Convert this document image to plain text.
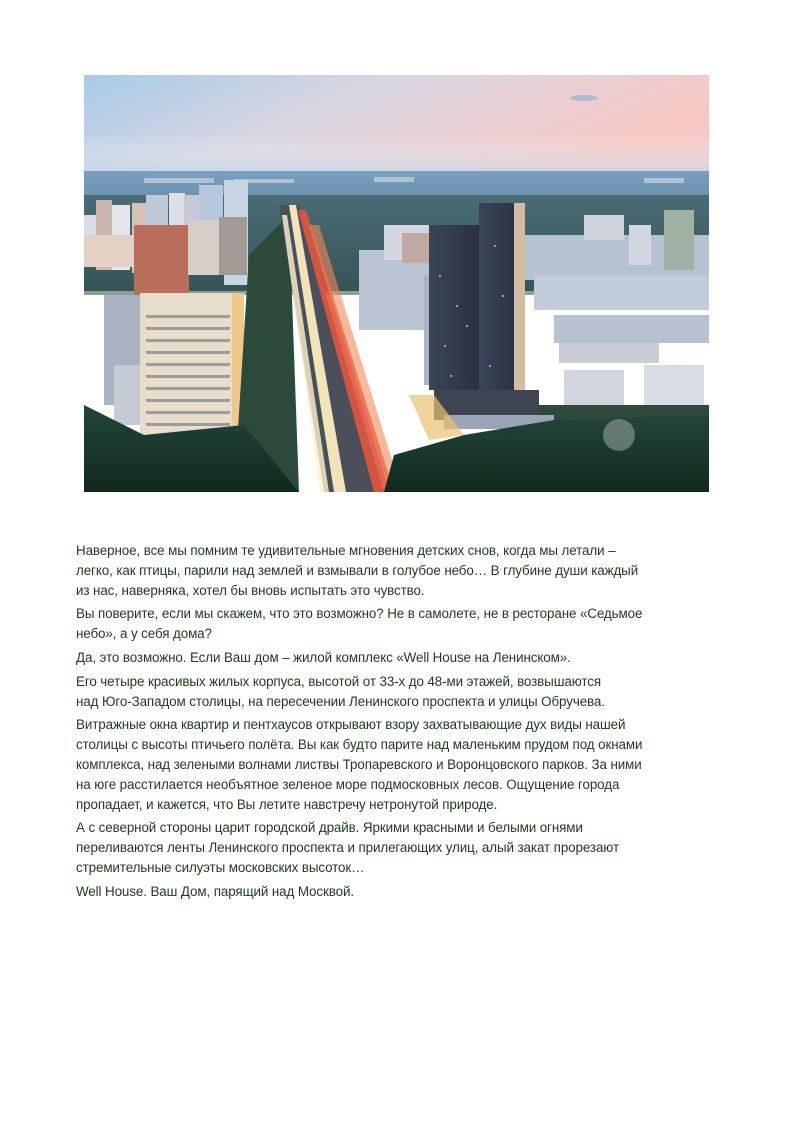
Наверное, все мы помним те удивительные мгновения детских снов, когда мы летали –
легко, как птицы, парили над землей и взмывали в голубое небо… В глубине души каждый
из нас, наверняка, хотел бы вновь испытать это чувство.

Вы поверите, если мы скажем, что это возможно? Не в самолете, не в ресторане «Седьмое
небо», а у себя дома?

Да, это возможно. Если Ваш дом – жилой комплекс «Well House на Ленинском».

Его четыре красивых жилых корпуса, высотой от 33-х до 48-ми этажей, возвышаются
над Юго-Западом столицы, на пересечении Ленинского проспекта и улицы Обручева.

Витражные окна квартир и пентхаусов открывают взору захватывающие дух виды нашей
столицы с высоты птичьего полёта. Вы как будто парите над маленьким прудом под окнами
комплекса, над зелеными волнами листвы Тропаревского и Воронцовского парков. За ними
на юге расстилается необъятное зеленое море подмосковных лесов. Ощущение города
пропадает, и кажется, что Вы летите навстречу нетронутой природе.

А с северной стороны царит городской драйв. Яркими красными и белыми огнями
переливаются ленты Ленинского проспекта и прилегающих улиц, алый закат прорезают
стремительные силуэты московских высоток…

Well House. Ваш Дом, парящий над Москвой.
